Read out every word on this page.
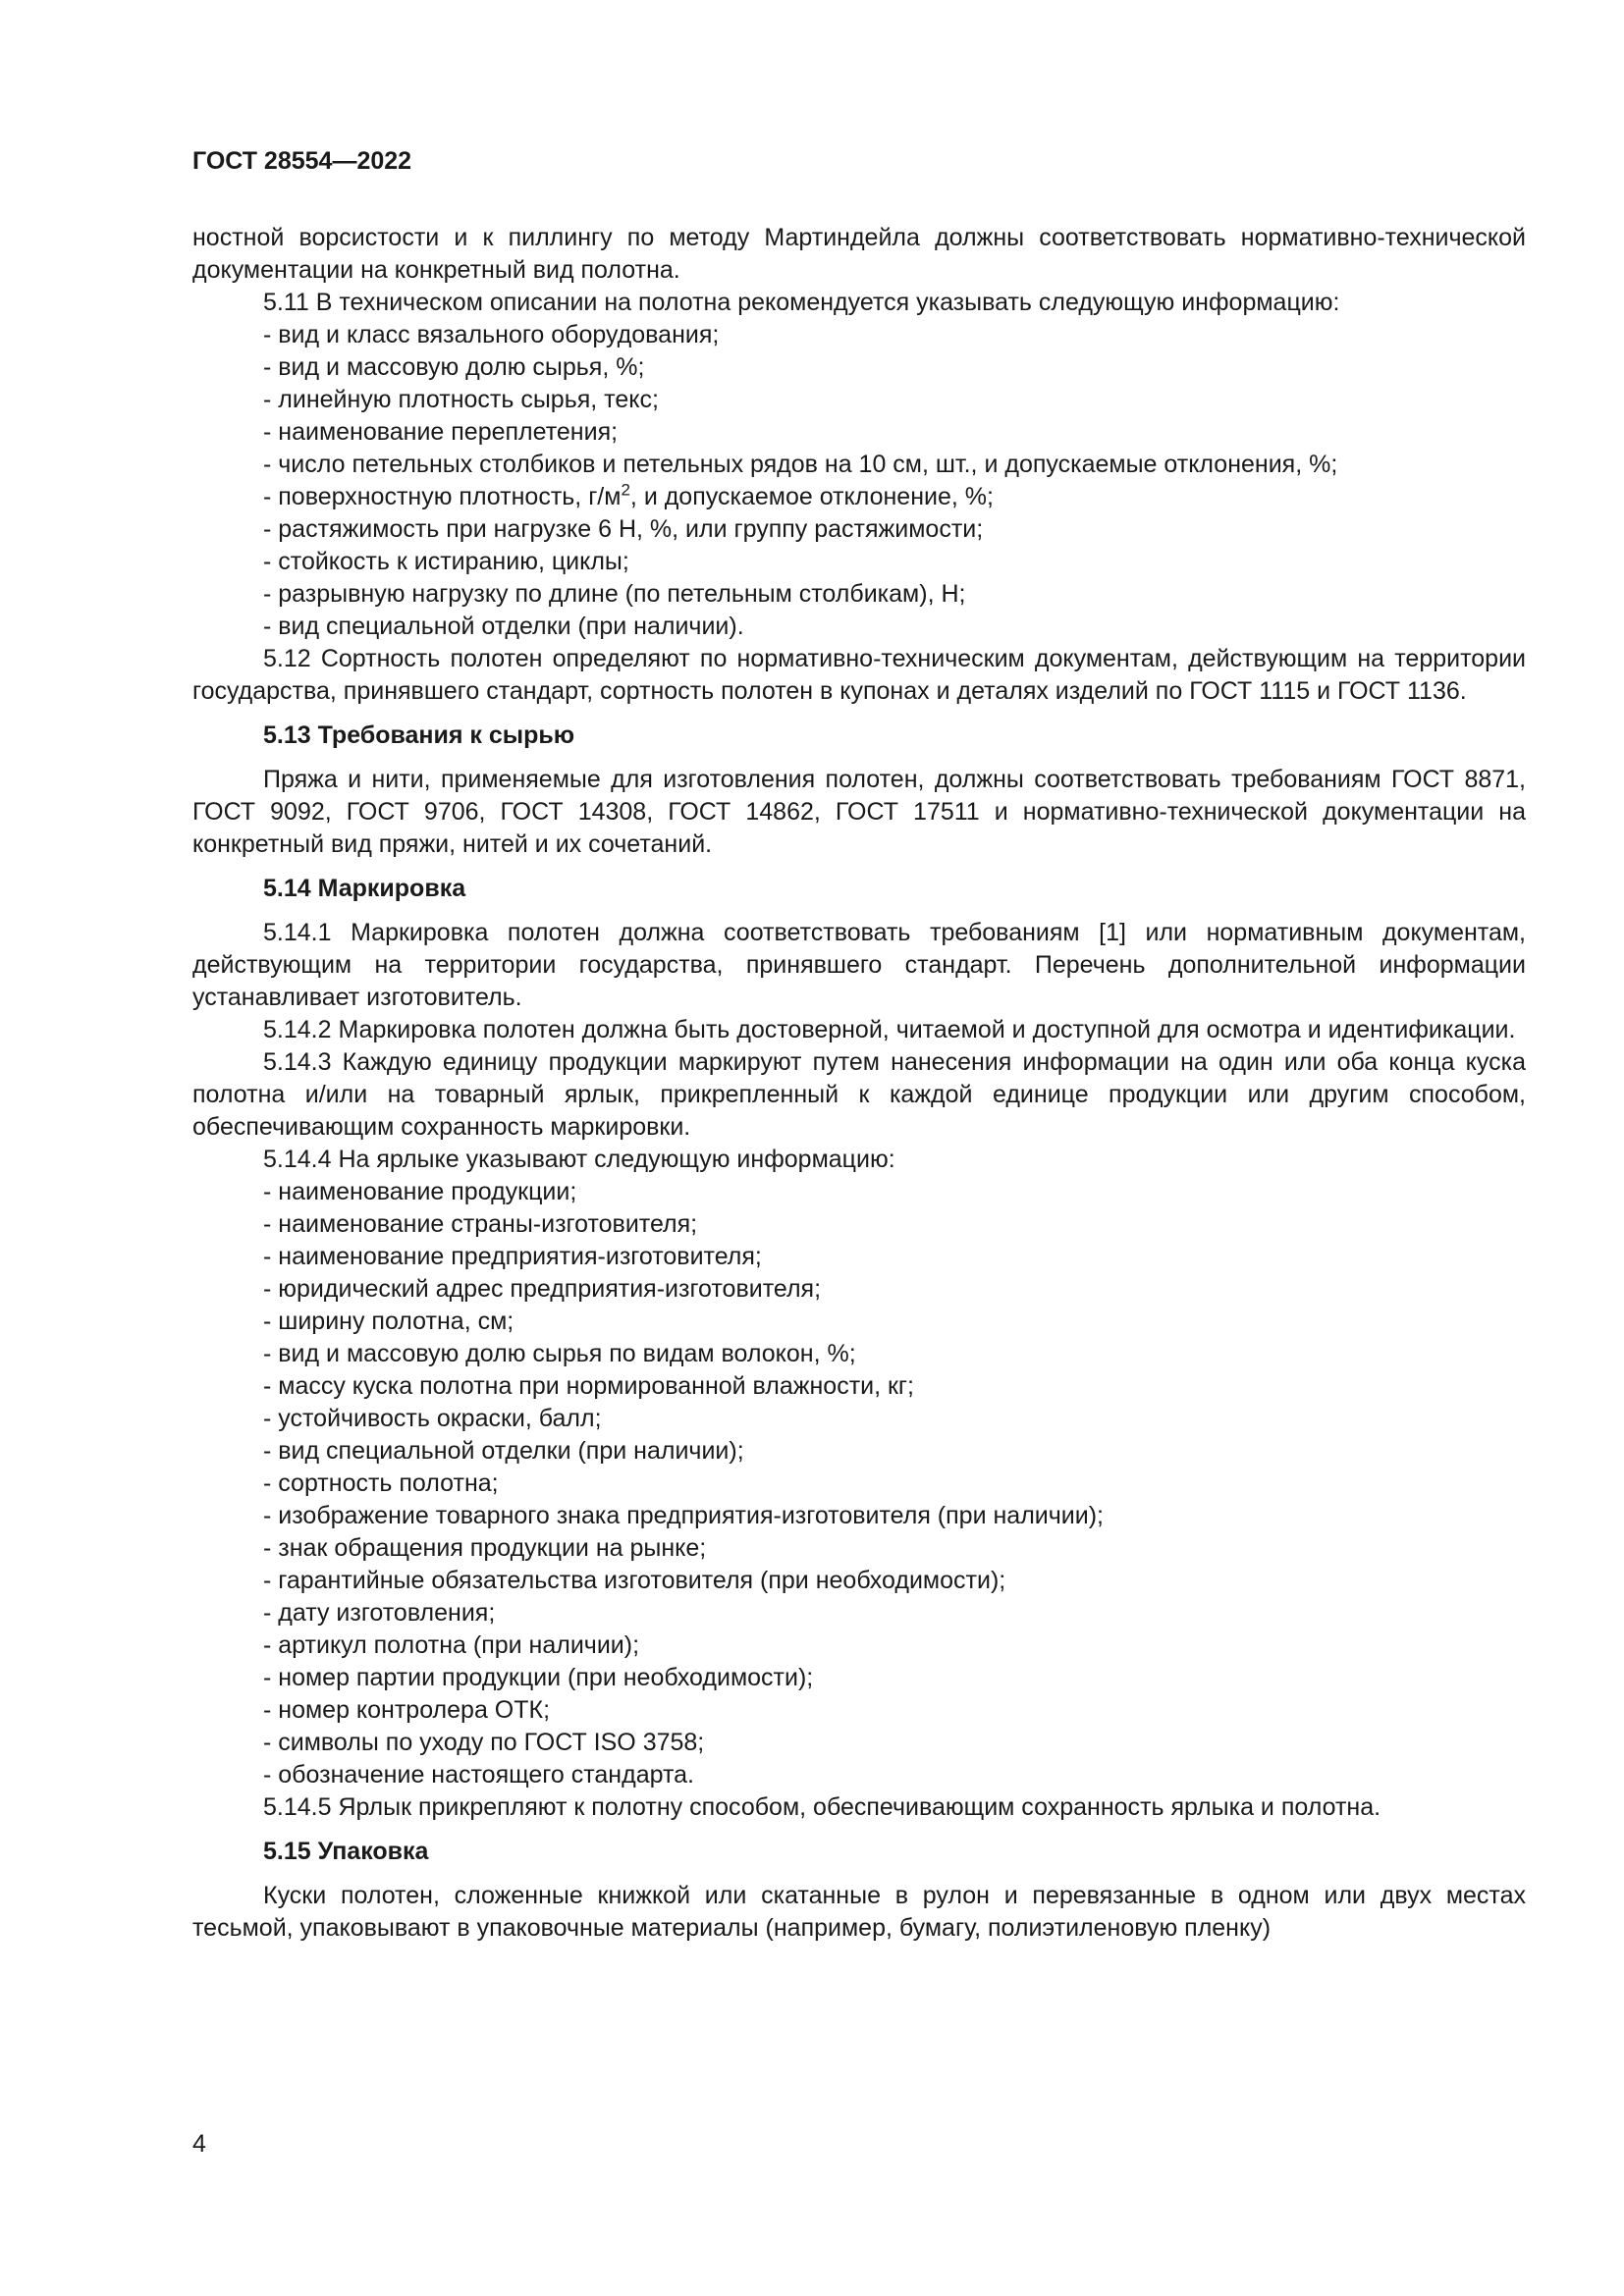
ГОСТ 28554—2022

ностной ворсистости и к пиллингу по методу Мартиндейла должны соответствовать нормативно-технической документации на конкретный вид полотна.

5.11 В техническом описании на полотна рекомендуется указывать следующую информацию:

- вид и класс вязального оборудования;

- вид и массовую долю сырья, %;

- линейную плотность сырья, текс;

- наименование переплетения;

- число петельных столбиков и петельных рядов на 10 см, шт., и допускаемые отклонения, %;

- поверхностную плотность, $г/м^2$, и допускаемое отклонение, %;

- растяжимость при нагрузке 6 Н, %, или группу растяжимости;

- стойкость к истиранию, циклы;

- разрывную нагрузку по длине (по петельным столбикам), Н;

- вид специальной отделки (при наличии).

5.12 Сортность полотен определяют по нормативно-техническим документам, действующим на территории государства, принявшего стандарт, сортность полотен в купонах и деталях изделий по ГОСТ 1115 и ГОСТ 1136.

5.13 Требования к сырью

Пряжа и нити, применяемые для изготовления полотен, должны соответствовать требованиям ГОСТ 8871, ГОСТ 9092, ГОСТ 9706, ГОСТ 14308, ГОСТ 14862, ГОСТ 17511 и нормативно-технической документации на конкретный вид пряжи, нитей и их сочетаний.

5.14 Маркировка

5.14.1 Маркировка полотен должна соответствовать требованиям [1] или нормативным документам, действующим на территории государства, принявшего стандарт. Перечень дополнительной информации устанавливает изготовитель.

5.14.2 Маркировка полотен должна быть достоверной, читаемой и доступной для осмотра и идентификации.

5.14.3 Каждую единицу продукции маркируют путем нанесения информации на один или оба конца куска полотна и/или на товарный ярлык, прикрепленный к каждой единице продукции или другим способом, обеспечивающим сохранность маркировки.

5.14.4 На ярлыке указывают следующую информацию:

- наименование продукции;

- наименование страны-изготовителя;

- наименование предприятия-изготовителя;

- юридический адрес предприятия-изготовителя;

- ширину полотна, см;

- вид и массовую долю сырья по видам волокон, %;

- массу куска полотна при нормированной влажности, кг;

- устойчивость окраски, балл;

- вид специальной отделки (при наличии);

- сортность полотна;

- изображение товарного знака предприятия-изготовителя (при наличии);

- знак обращения продукции на рынке;

- гарантийные обязательства изготовителя (при необходимости);

- дату изготовления;

- артикул полотна (при наличии);

- номер партии продукции (при необходимости);

- номер контролера ОТК;

- символы по уходу по ГОСТ ISO 3758;

- обозначение настоящего стандарта.

5.14.5 Ярлык прикрепляют к полотну способом, обеспечивающим сохранность ярлыка и полотна.

5.15 Упаковка

Куски полотен, сложенные книжкой или скатанные в рулон и перевязанные в одном или двух местах тесьмой, упаковывают в упаковочные материалы (например, бумагу, полиэтиленовую пленку)

4
